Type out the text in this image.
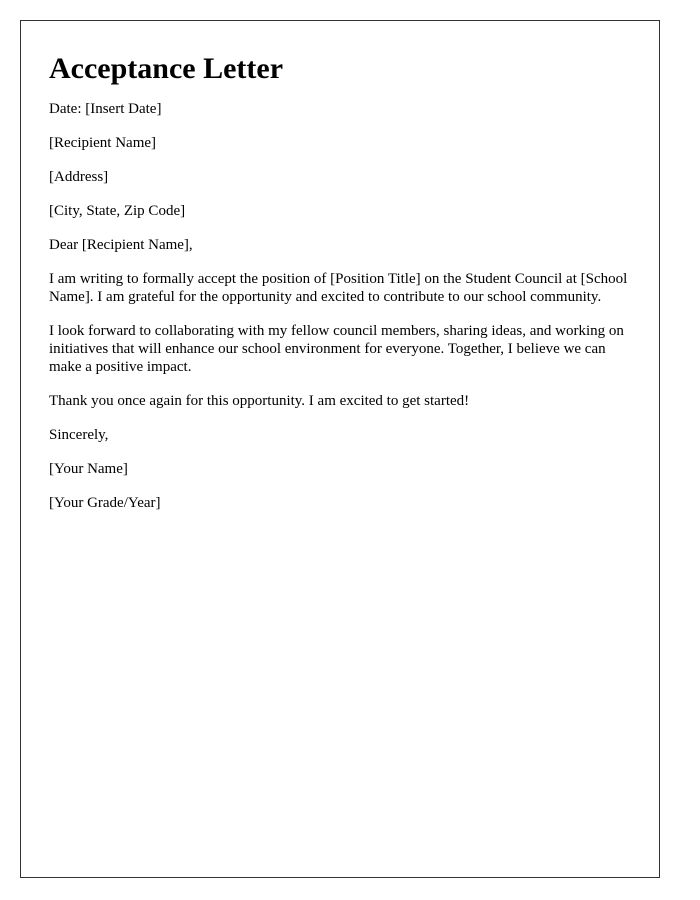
Acceptance Letter

Date: [Insert Date]

[Recipient Name]

[Address]

[City, State, Zip Code]

Dear [Recipient Name],

I am writing to formally accept the position of [Position Title] on the Student Council at [School Name]. I am grateful for the opportunity and excited to contribute to our school community.

I look forward to collaborating with my fellow council members, sharing ideas, and working on initiatives that will enhance our school environment for everyone. Together, I believe we can make a positive impact.

Thank you once again for this opportunity. I am excited to get started!

Sincerely,

[Your Name]

[Your Grade/Year]
